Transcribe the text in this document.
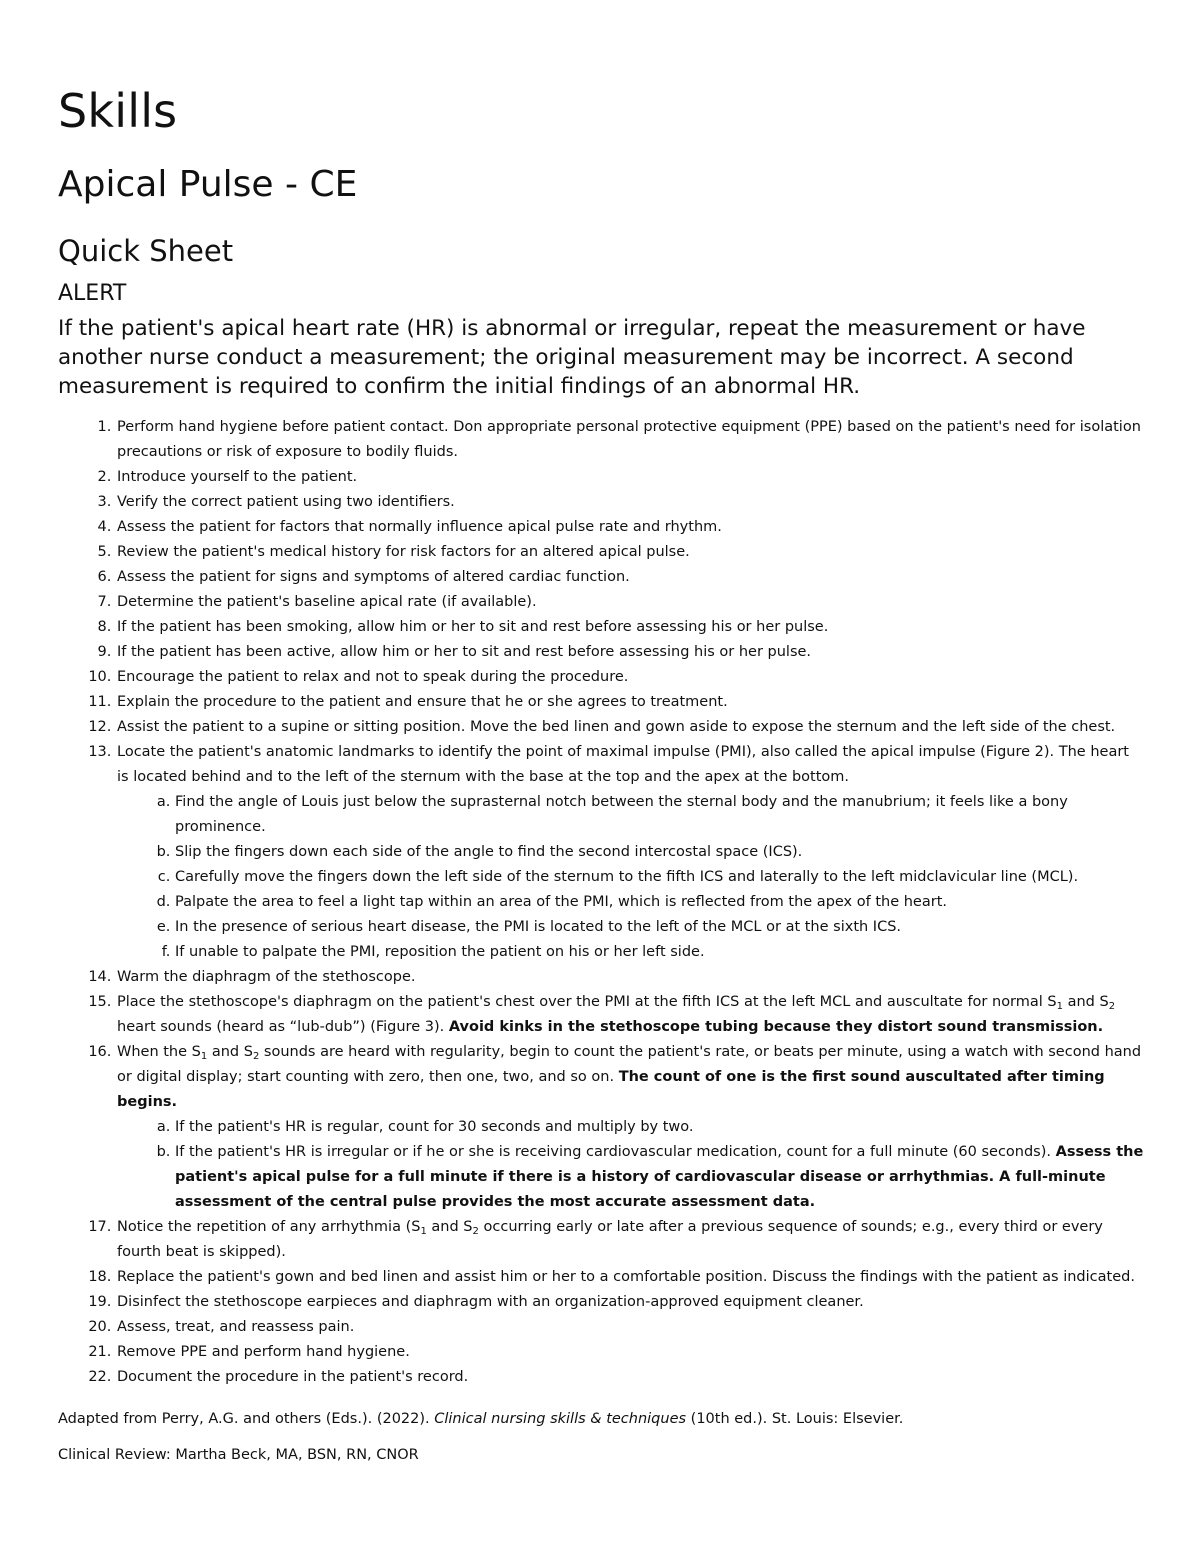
Skills
Apical Pulse - CE
Quick Sheet
ALERT
If the patient's apical heart rate (HR) is abnormal or irregular, repeat the measurement or have another nurse conduct a measurement; the original measurement may be incorrect. A second measurement is required to confirm the initial findings of an abnormal HR.
1. Perform hand hygiene before patient contact. Don appropriate personal protective equipment (PPE) based on the patient's need for isolation precautions or risk of exposure to bodily fluids.
2. Introduce yourself to the patient.
3. Verify the correct patient using two identifiers.
4. Assess the patient for factors that normally influence apical pulse rate and rhythm.
5. Review the patient's medical history for risk factors for an altered apical pulse.
6. Assess the patient for signs and symptoms of altered cardiac function.
7. Determine the patient's baseline apical rate (if available).
8. If the patient has been smoking, allow him or her to sit and rest before assessing his or her pulse.
9. If the patient has been active, allow him or her to sit and rest before assessing his or her pulse.
10. Encourage the patient to relax and not to speak during the procedure.
11. Explain the procedure to the patient and ensure that he or she agrees to treatment.
12. Assist the patient to a supine or sitting position. Move the bed linen and gown aside to expose the sternum and the left side of the chest.
13. Locate the patient's anatomic landmarks to identify the point of maximal impulse (PMI), also called the apical impulse (Figure 2). The heart is located behind and to the left of the sternum with the base at the top and the apex at the bottom.
a. Find the angle of Louis just below the suprasternal notch between the sternal body and the manubrium; it feels like a bony prominence.
b. Slip the fingers down each side of the angle to find the second intercostal space (ICS).
c. Carefully move the fingers down the left side of the sternum to the fifth ICS and laterally to the left midclavicular line (MCL).
d. Palpate the area to feel a light tap within an area of the PMI, which is reflected from the apex of the heart.
e. In the presence of serious heart disease, the PMI is located to the left of the MCL or at the sixth ICS.
f. If unable to palpate the PMI, reposition the patient on his or her left side.
14. Warm the diaphragm of the stethoscope.
15. Place the stethoscope's diaphragm on the patient's chest over the PMI at the fifth ICS at the left MCL and auscultate for normal $S_1$ and $S_2$ heart sounds (heard as “lub-dub”) (Figure 3). Avoid kinks in the stethoscope tubing because they distort sound transmission.
16. When the $S_1$ and $S_2$ sounds are heard with regularity, begin to count the patient's rate, or beats per minute, using a watch with second hand or digital display; start counting with zero, then one, two, and so on. The count of one is the first sound auscultated after timing begins.
a. If the patient's HR is regular, count for 30 seconds and multiply by two.
b. If the patient's HR is irregular or if he or she is receiving cardiovascular medication, count for a full minute (60 seconds). Assess the patient's apical pulse for a full minute if there is a history of cardiovascular disease or arrhythmias. A full-minute assessment of the central pulse provides the most accurate assessment data.
17. Notice the repetition of any arrhythmia ($S_1$ and $S_2$ occurring early or late after a previous sequence of sounds; e.g., every third or every fourth beat is skipped).
18. Replace the patient's gown and bed linen and assist him or her to a comfortable position. Discuss the findings with the patient as indicated.
19. Disinfect the stethoscope earpieces and diaphragm with an organization-approved equipment cleaner.
20. Assess, treat, and reassess pain.
21. Remove PPE and perform hand hygiene.
22. Document the procedure in the patient's record.

Adapted from Perry, A.G. and others (Eds.). (2022). Clinical nursing skills & techniques (10th ed.). St. Louis: Elsevier.

Clinical Review: Martha Beck, MA, BSN, RN, CNOR
